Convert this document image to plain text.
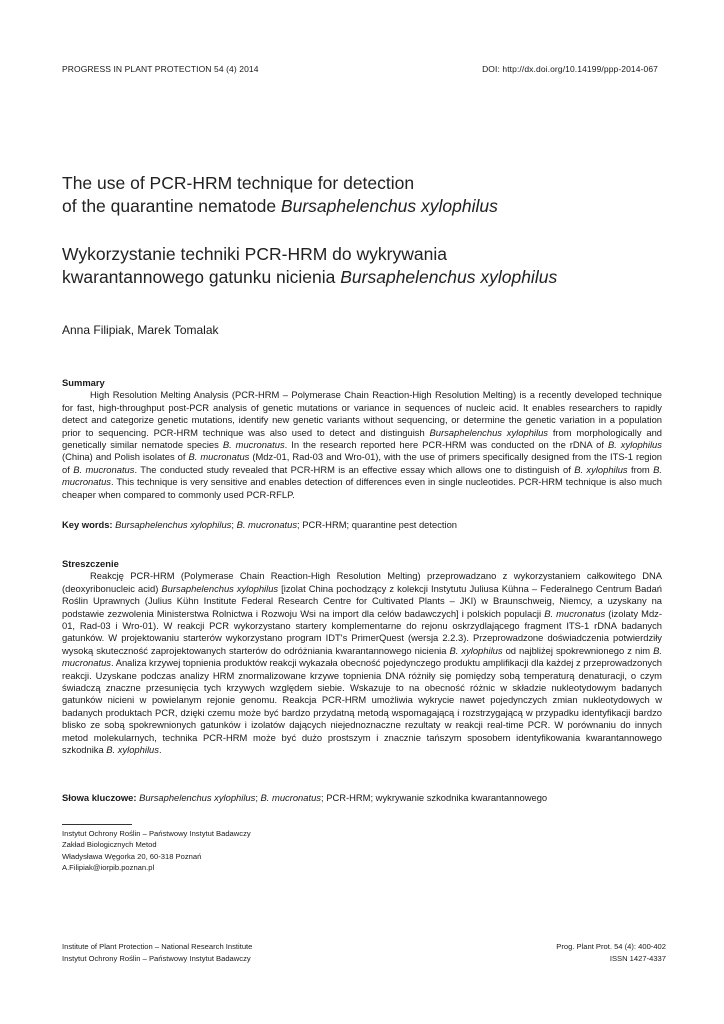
PROGRESS IN PLANT PROTECTION 54 (4) 2014	DOI: http://dx.doi.org/10.14199/ppp-2014-067
The use of PCR-HRM technique for detection
of the quarantine nematode Bursaphelenchus xylophilus
Wykorzystanie techniki PCR-HRM do wykrywania
kwarantannowego gatunku nicienia Bursaphelenchus xylophilus
Anna Filipiak, Marek Tomalak
Summary

High Resolution Melting Analysis (PCR-HRM – Polymerase Chain Reaction-High Resolution Melting) is a recently developed technique for fast, high-throughput post-PCR analysis of genetic mutations or variance in sequences of nucleic acid. It enables researchers to rapidly detect and categorize genetic mutations, identify new genetic variants without sequencing, or determine the genetic variation in a population prior to sequencing. PCR-HRM technique was also used to detect and distinguish Bursaphelenchus xylophilus from morphologically and genetically similar nematode species B. mucronatus. In the research reported here PCR-HRM was conducted on the rDNA of B. xylophilus (China) and Polish isolates of B. mucronatus (Mdz-01, Rad-03 and Wro-01), with the use of primers specifically designed from the ITS-1 region of B. mucronatus. The conducted study revealed that PCR-HRM is an effective essay which allows one to distinguish of B. xylophilus from B. mucronatus. This technique is very sensitive and enables detection of differences even in single nucleotides. PCR-HRM technique is also much cheaper when compared to commonly used PCR-RFLP.

Key words: Bursaphelenchus xylophilus; B. mucronatus; PCR-HRM; quarantine pest detection
Streszczenie

Reakcję PCR-HRM (Polymerase Chain Reaction-High Resolution Melting) przeprowadzano z wykorzystaniem całkowitego DNA (deoxyribonucleic acid) Bursaphelenchus xylophilus [izolat China pochodzący z kolekcji Instytutu Juliusa Kühna – Federalnego Centrum Badań Roślin Uprawnych (Julius Kühn Institute Federal Research Centre for Cultivated Plants – JKI) w Braunschweig, Niemcy, a uzyskany na podstawie zezwolenia Ministerstwa Rolnictwa i Rozwoju Wsi na import dla celów badawczych] i polskich populacji B. mucronatus (izolaty Mdz-01, Rad-03 i Wro-01). W reakcji PCR wykorzystano startery komplementarne do rejonu oskrzydlającego fragment ITS-1 rDNA badanych gatunków. W projektowaniu starterów wykorzystano program IDT's PrimerQuest (wersja 2.2.3). Przeprowadzone doświadczenia potwierdziły wysoką skuteczność zaprojektowanych starterów do odróżniania kwarantannowego nicienia B. xylophilus od najbliżej spokrewnionego z nim B. mucronatus. Analiza krzywej topnienia produktów reakcji wykazała obecność pojedynczego produktu amplifikacji dla każdej z przeprowadzonych reakcji. Uzyskane podczas analizy HRM znormalizowane krzywe topnienia DNA różniły się pomiędzy sobą temperaturą denaturacji, o czym świadczą znaczne przesunięcia tych krzywych względem siebie. Wskazuje to na obecność różnic w składzie nukleotydowym badanych gatunków nicieni w powielanym rejonie genomu. Reakcja PCR-HRM umożliwia wykrycie nawet pojedynczych zmian nukleotydowych w badanych produktach PCR, dzięki czemu może być bardzo przydatną metodą wspomagającą i rozstrzygającą w przypadku identyfikacji bardzo blisko ze sobą spokrewnionych gatunków i izolatów dających niejednoznaczne rezultaty w reakcji real-time PCR. W porównaniu do innych metod molekularnych, technika PCR-HRM może być dużo prostszym i znacznie tańszym sposobem identyfikowania kwarantannowego szkodnika B. xylophilus.

Słowa kluczowe: Bursaphelenchus xylophilus; B. mucronatus; PCR-HRM; wykrywanie szkodnika kwarantannowego
Instytut Ochrony Roślin – Państwowy Instytut Badawczy
Zakład Biologicznych Metod
Władysława Węgorka 20, 60-318 Poznań
A.Filipiak@iorpib.poznan.pl
Institute of Plant Protection – National Research Institute
Instytut Ochrony Roślin – Państwowy Instytut Badawczy
Prog. Plant Prot. 54 (4): 400-402
ISSN 1427-4337
